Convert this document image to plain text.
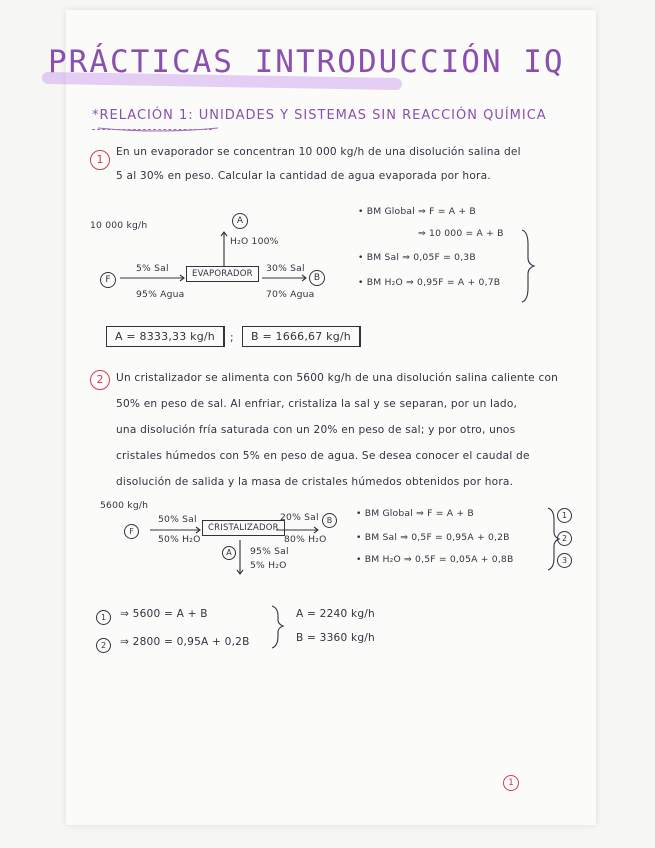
PRÁCTICAS INTRODUCCIÓN IQ
*RELACIÓN 1: UNIDADES Y SISTEMAS SIN REACCIÓN QUÍMICA
1
En un evaporador se concentran 10 000 kg/h de una disolución salina del
5 al 30% en peso. Calcular la cantidad de agua evaporada por hora.
10 000 kg/h	A
H₂O 100%
F
5% Sal
95% Agua
EVAPORADOR	30% Sal
70% Agua
B
• BM Global ⇒ F = A + B
⇒ 10 000 = A + B
• BM Sal ⇒ 0,05F = 0,3B
• BM H₂O ⇒ 0,95F = A + 0,7B
A = 8333,33 kg/h	;	B = 1666,67 kg/h
2	Un cristalizador se alimenta con 5600 kg/h de una disolución salina caliente con
50% en peso de sal. Al enfriar, cristaliza la sal y se separan, por un lado,
una disolución fría saturada con un 20% en peso de sal; y por otro, unos
cristales húmedos con 5% en peso de agua. Se desea conocer el caudal de
disolución de salida y la masa de cristales húmedos obtenidos por hora.
5600 kg/h
F
50% Sal
50% H₂O
CRISTALIZADOR
20% Sal
80% H₂O
B
A	95% Sal
5% H₂O
• BM Global ⇒ F = A + B
• BM Sal ⇒ 0,5F = 0,95A + 0,2B
• BM H₂O ⇒ 0,5F = 0,05A + 0,8B
1
2
3
1	⇒ 5600 = A + B
2	⇒ 2800 = 0,95A + 0,2B
A = 2240 kg/h
B = 3360 kg/h
1
